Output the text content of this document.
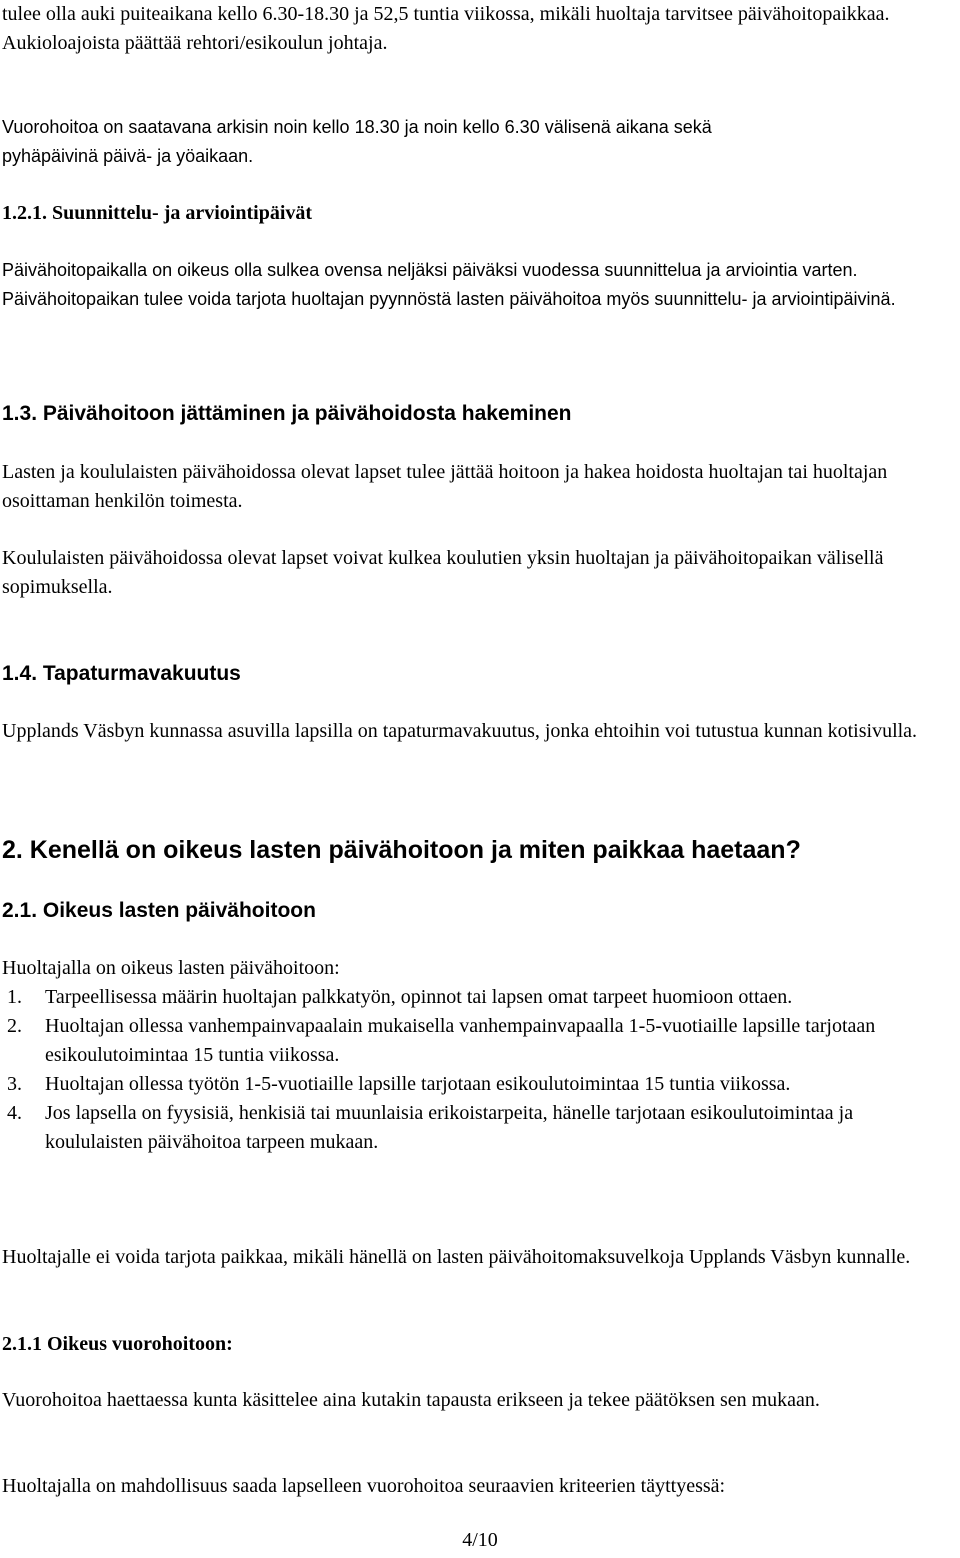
tulee olla auki puiteaikana kello 6.30-18.30 ja 52,5 tuntia viikossa, mikäli huoltaja tarvitsee päivähoitopaikkaa. Aukioloajoista päättää rehtori/esikoulun johtaja.

Vuorohoitoa on saatavana arkisin noin kello 18.30 ja noin kello 6.30 välisenä aikana sekä
pyhäpäivinä päivä- ja yöaikaan.
1.2.1. Suunnittelu- ja arviointipäivät

Päivähoitopaikalla on oikeus olla sulkea ovensa neljäksi päiväksi vuodessa suunnittelua ja arviointia varten. Päivähoitopaikan tulee voida tarjota huoltajan pyynnöstä lasten päivähoitoa myös suunnittelu- ja arviointipäivinä.

1.3. Päivähoitoon jättäminen ja päivähoidosta hakeminen

Lasten ja koululaisten päivähoidossa olevat lapset tulee jättää hoitoon ja hakea hoidosta huoltajan tai huoltajan osoittaman henkilön toimesta.

Koululaisten päivähoidossa olevat lapset voivat kulkea koulutien yksin huoltajan ja päivähoitopaikan välisellä sopimuksella.

1.4. Tapaturmavakuutus

Upplands Väsbyn kunnassa asuvilla lapsilla on tapaturmavakuutus, jonka ehtoihin voi tutustua kunnan kotisivulla.

2. Kenellä on oikeus lasten päivähoitoon ja miten paikkaa haetaan?
2.1. Oikeus lasten päivähoitoon

Huoltajalla on oikeus lasten päivähoitoon:

1. Tarpeellisessa määrin huoltajan palkkatyön, opinnot tai lapsen omat tarpeet huomioon ottaen.
2. Huoltajan ollessa vanhempainvapaalain mukaisella vanhempainvapaalla 1-5-vuotiaille lapsille tarjotaan esikoulutoimintaa 15 tuntia viikossa.
3. Huoltajan ollessa työtön 1-5-vuotiaille lapsille tarjotaan esikoulutoimintaa 15 tuntia viikossa.
4. Jos lapsella on fyysisiä, henkisiä tai muunlaisia erikoistarpeita, hänelle tarjotaan esikoulutoimintaa ja koululaisten päivähoitoa tarpeen mukaan.

Huoltajalle ei voida tarjota paikkaa, mikäli hänellä on lasten päivähoitomaksuvelkoja Upplands Väsbyn kunnalle.

2.1.1 Oikeus vuorohoitoon:

Vuorohoitoa haettaessa kunta käsittelee aina kutakin tapausta erikseen ja tekee päätöksen sen mukaan.

Huoltajalla on mahdollisuus saada lapselleen vuorohoitoa seuraavien kriteerien täyttyessä:

4/10
